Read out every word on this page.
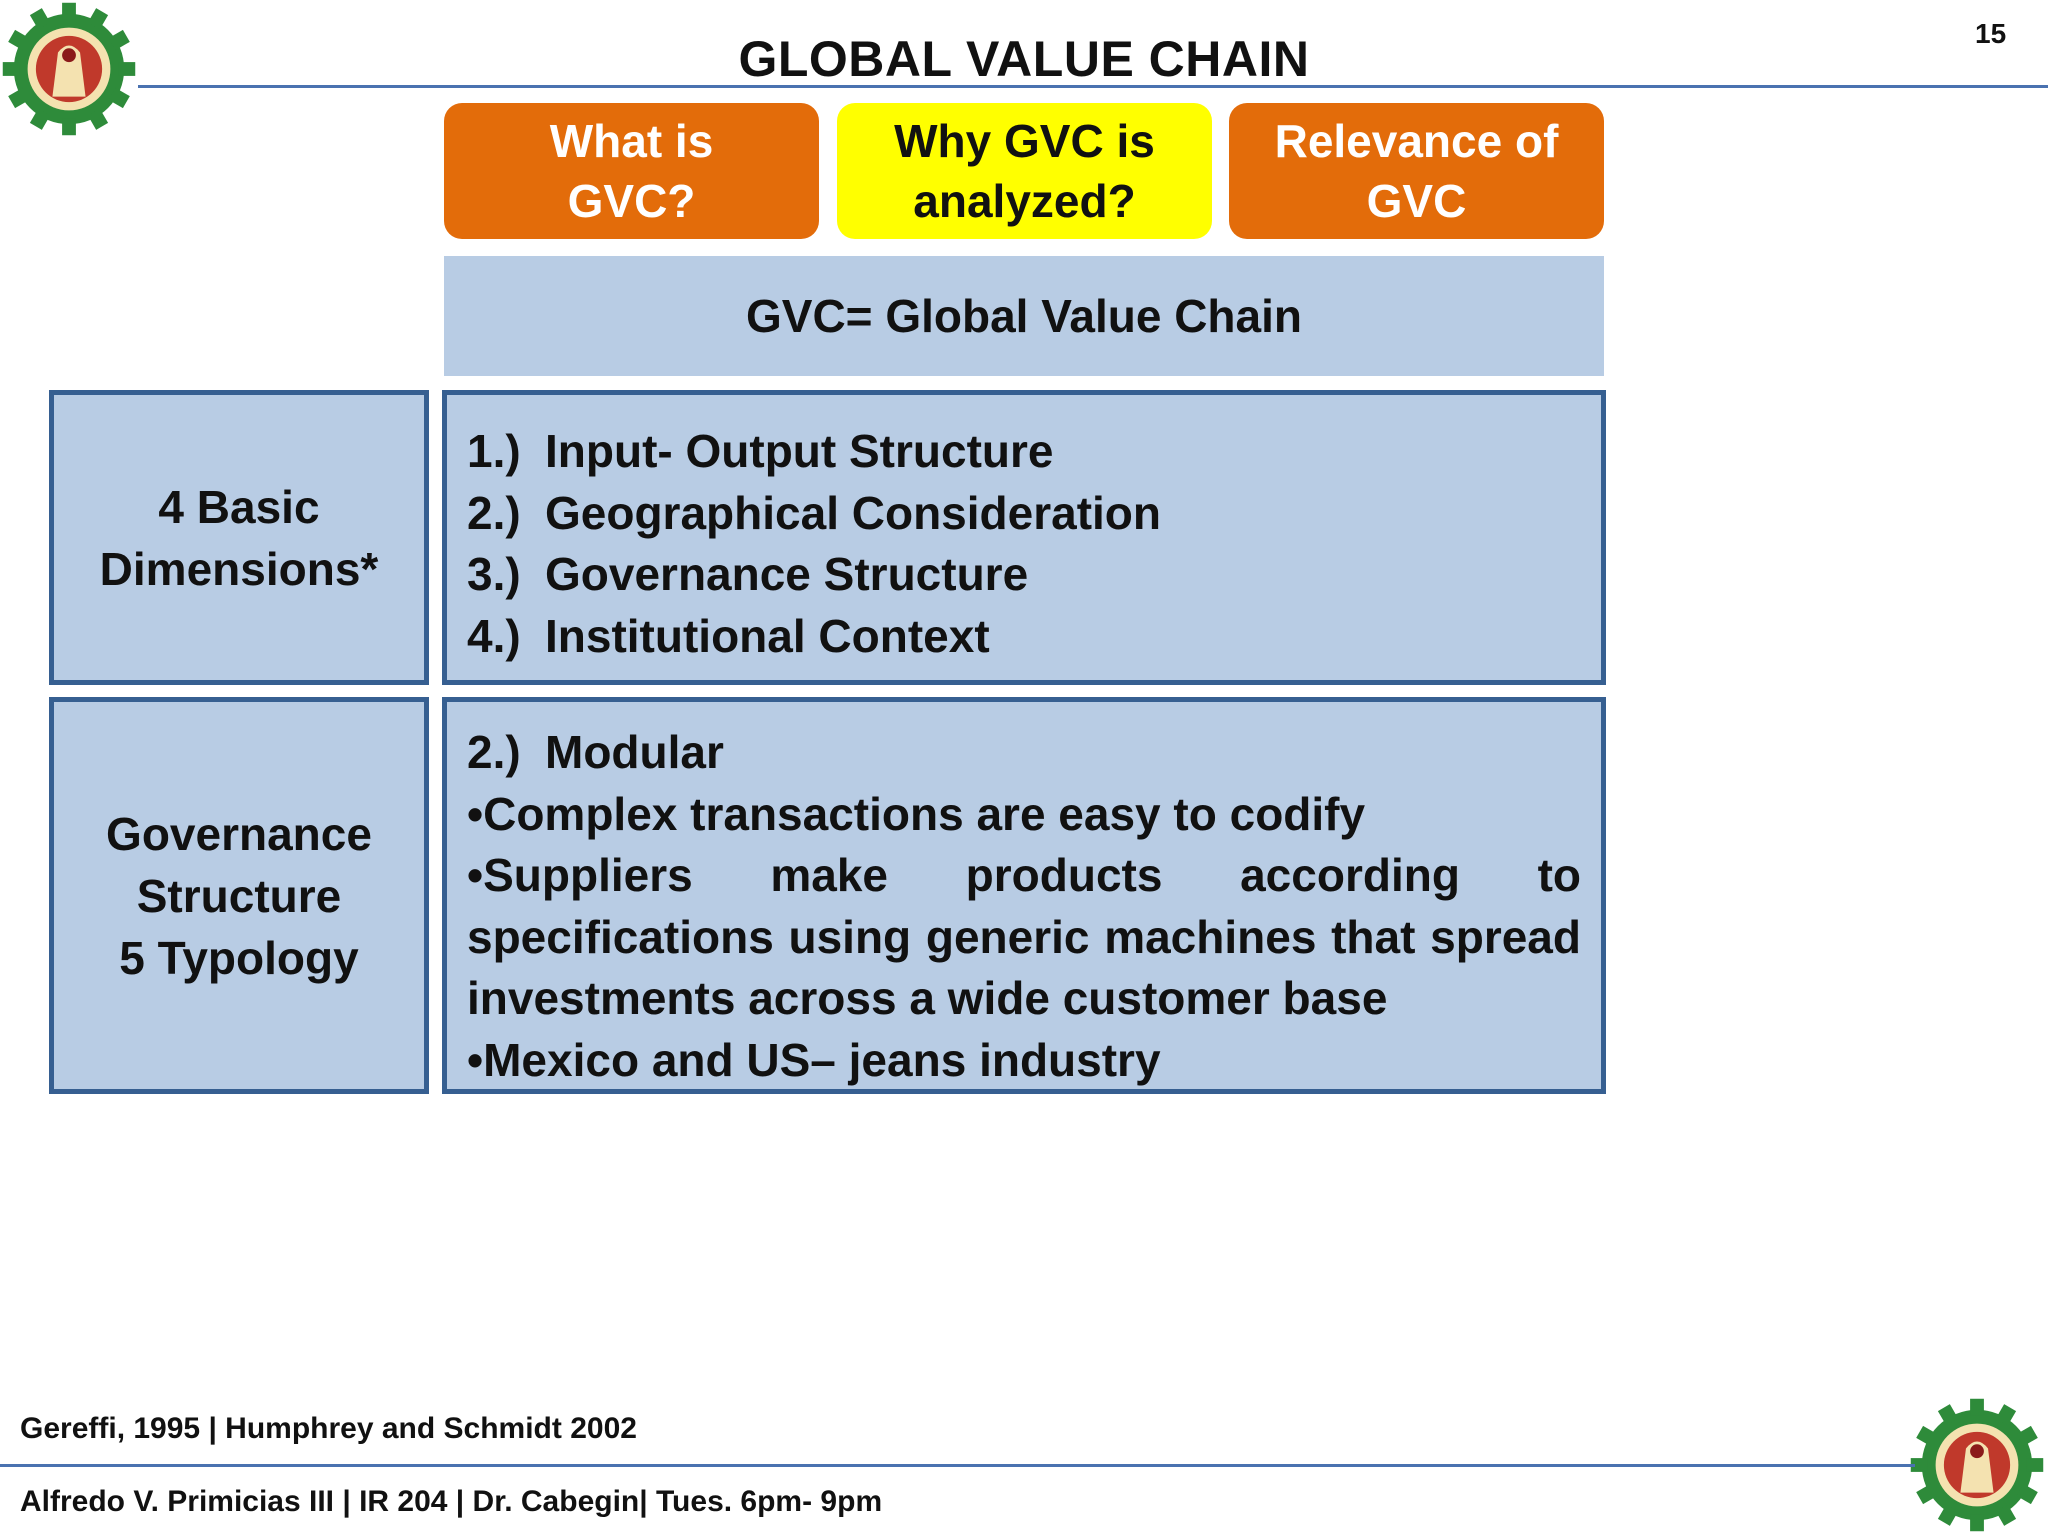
15
GLOBAL VALUE CHAIN
What is
GVC?
Why GVC is
analyzed?
Relevance of
GVC
GVC= Global Value Chain
4 Basic
Dimensions*
1.) Input- Output Structure
2.) Geographical Consideration
3.) Governance Structure
4.) Institutional Context
Governance
Structure
5 Typology
2.) Modular
•Complex transactions are easy to codify
•Suppliers make products according to specifications using generic machines that spread investments across a wide customer base
•Mexico and US– jeans industry
Gereffi, 1995 | Humphrey and Schmidt 2002
Alfredo V. Primicias III | IR 204 | Dr. Cabegin| Tues. 6pm- 9pm
